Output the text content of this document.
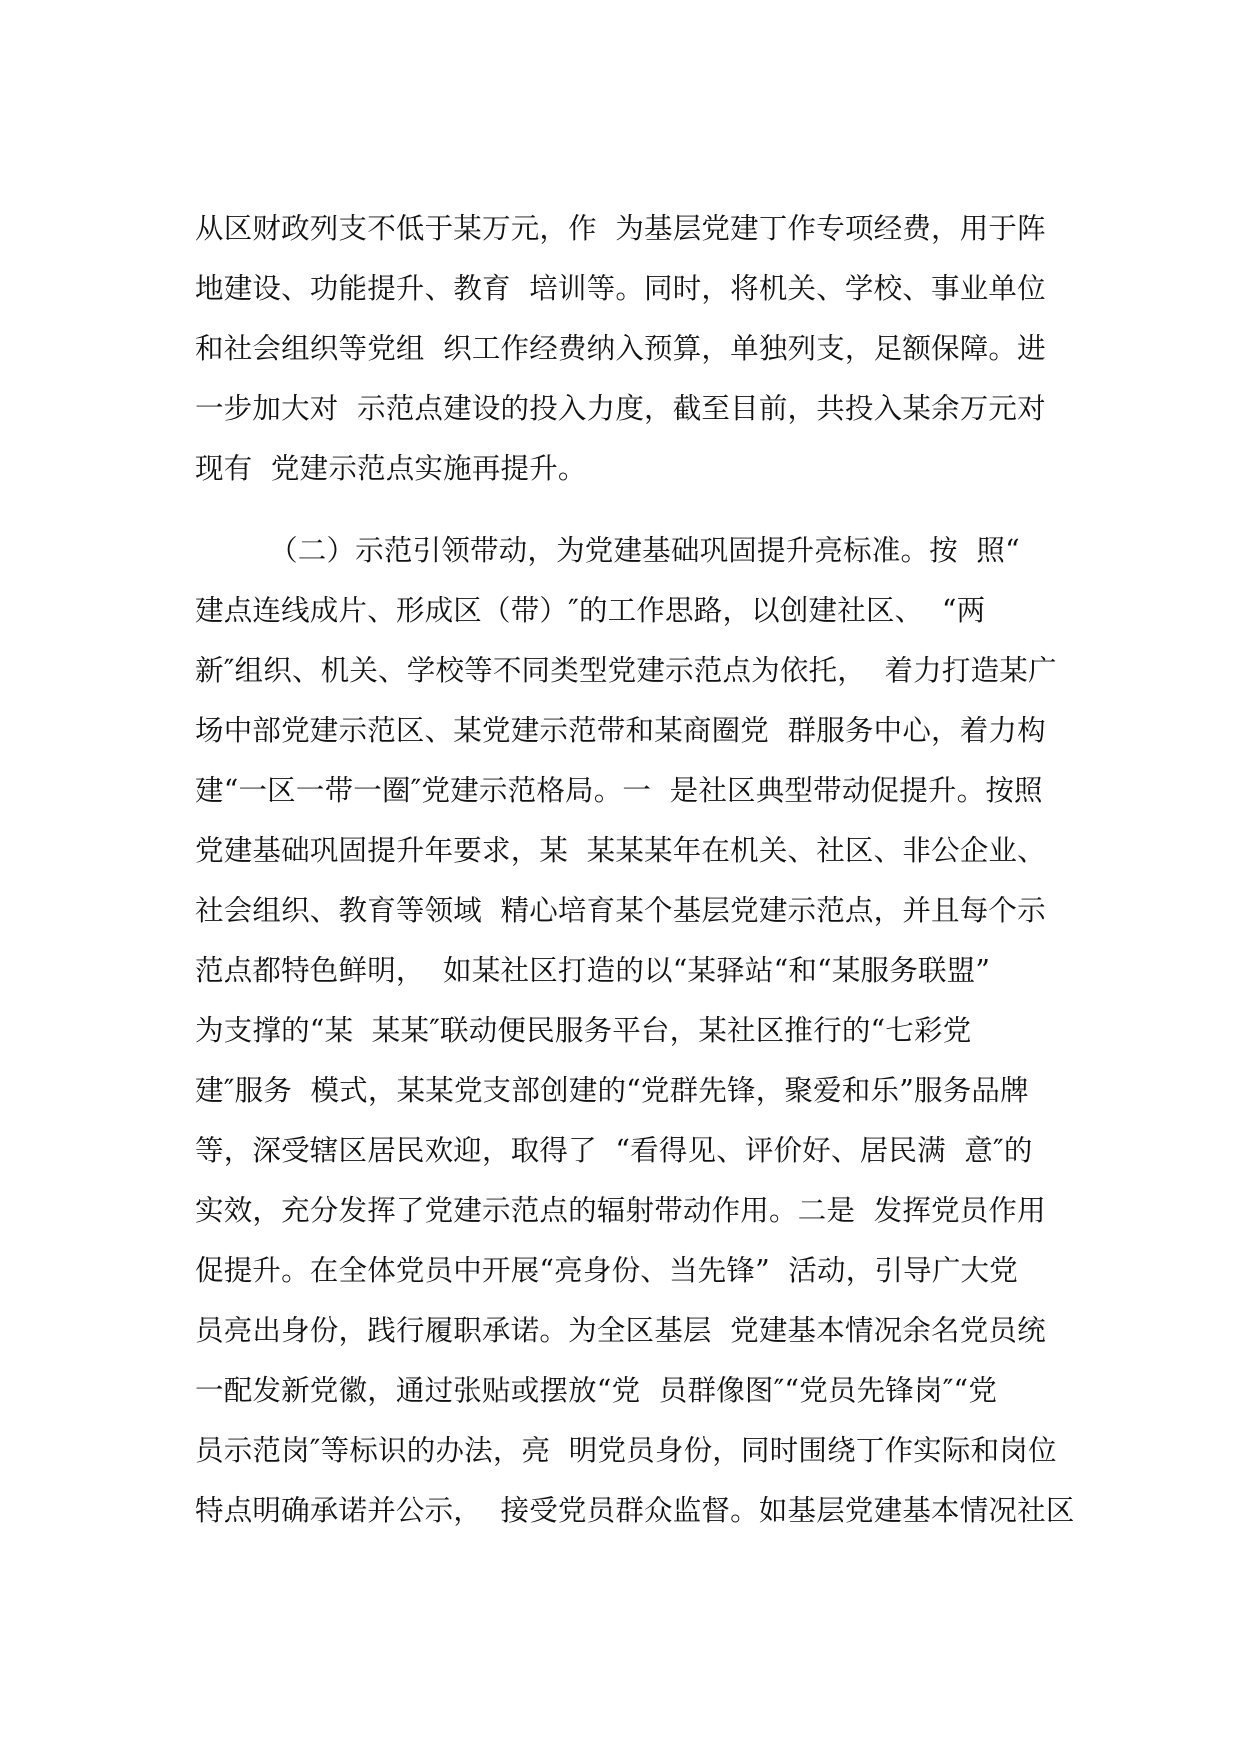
从区财政列支不低于某万元，作  为基层党建丁作专项经费，用于阵
地建设、功能提升、教育  培训等。同时，将机关、学校、事业单位
和社会组织等党组  织工作经费纳入预算，单独列支，足额保障。进
一步加大对  示范点建设的投入力度，截至目前，共投入某余万元对
现有  党建示范点实施再提升。
（二）示范引领带动，为党建基础巩固提升亮标准。按  照“
建点连线成片、形成区（带）″的工作思路，以创建社区、  “两
新″组织、机关、学校等不同类型党建示范点为依托，  着力打造某广
场中部党建示范区、某党建示范带和某商圈党  群服务中心，着力构
建“一区一带一圈″党建示范格局。一  是社区典型带动促提升。按照
党建基础巩固提升年要求，某  某某某年在机关、社区、非公企业、
社会组织、教育等领域  精心培育某个基层党建示范点，并且每个示
范点都特色鲜明，  如某社区打造的以“某驿站“和“某服务联盟”
为支撑的“某  某某″联动便民服务平台，某社区推行的“七彩党
建″服务  模式，某某党支部创建的“党群先锋，聚爱和乐”服务品牌
等，深受辖区居民欢迎，取得了  “看得见、评价好、居民满  意″的
实效，充分发挥了党建示范点的辐射带动作用。二是  发挥党员作用
促提升。在全体党员中开展“亮身份、当先锋”  活动，引导广大党
员亮出身份，践行履职承诺。为全区基层  党建基本情况余名党员统
一配发新党徽，通过张贴或摆放“党  员群像图″“党员先锋岗″“党
员示范岗″等标识的办法，亮  明党员身份，同时围绕丁作实际和岗位
特点明确承诺并公示，  接受党员群众监督。如基层党建基本情况社区
